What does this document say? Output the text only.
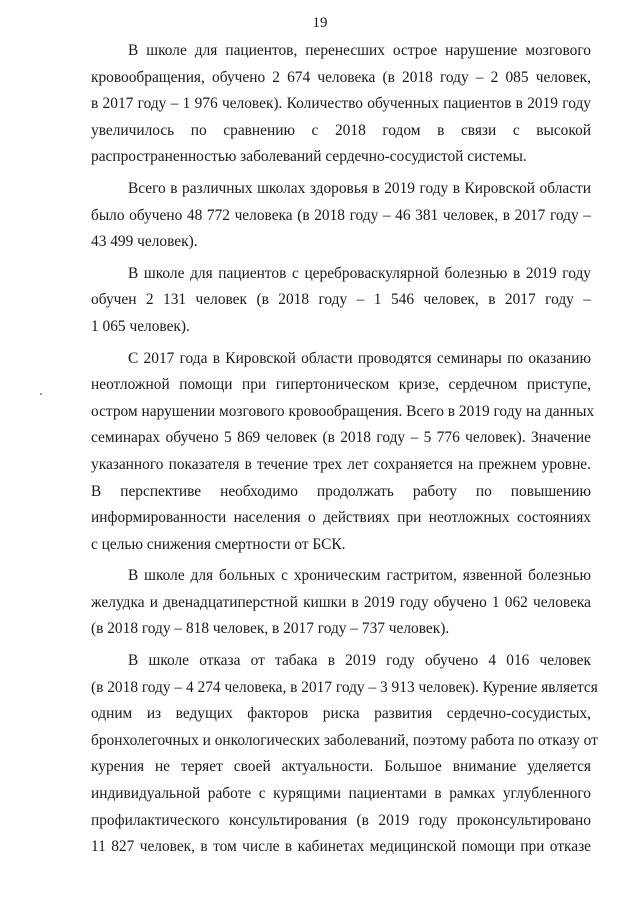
19

В школе для пациентов, перенесших острое нарушение мозгового
кровообращения, обучено 2 674 человека (в 2018 году – 2 085 человек,
в 2017 году – 1 976 человек). Количество обученных пациентов в 2019 году
увеличилось по сравнению с 2018 годом в связи с высокой
распространенностью заболеваний сердечно-сосудистой системы.

Всего в различных школах здоровья в 2019 году в Кировской области
было обучено 48 772 человека (в 2018 году – 46 381 человек, в 2017 году –
43 499 человек).

В школе для пациентов с цереброваскулярной болезнью в 2019 году
обучен 2 131 человек (в 2018 году – 1 546 человек, в 2017 году –
1 065 человек).

С 2017 года в Кировской области проводятся семинары по оказанию
неотложной помощи при гипертоническом кризе, сердечном приступе,
остром нарушении мозгового кровообращения. Всего в 2019 году на данных
семинарах обучено 5 869 человек (в 2018 году – 5 776 человек). Значение
указанного показателя в течение трех лет сохраняется на прежнем уровне.
В перспективе необходимо продолжать работу по повышению
информированности населения о действиях при неотложных состояниях
с целью снижения смертности от БСК.

В школе для больных с хроническим гастритом, язвенной болезнью
желудка и двенадцатиперстной кишки в 2019 году обучено 1 062 человека
(в 2018 году – 818 человек, в 2017 году – 737 человек).

В школе отказа от табака в 2019 году обучено 4 016 человек
(в 2018 году – 4 274 человека, в 2017 году – 3 913 человек). Курение является
одним из ведущих факторов риска развития сердечно-сосудистых,
бронхолегочных и онкологических заболеваний, поэтому работа по отказу от
курения не теряет своей актуальности. Большое внимание уделяется
индивидуальной работе с курящими пациентами в рамках углубленного
профилактического консультирования (в 2019 году проконсультировано
11 827 человек, в том числе в кабинетах медицинской помощи при отказе
